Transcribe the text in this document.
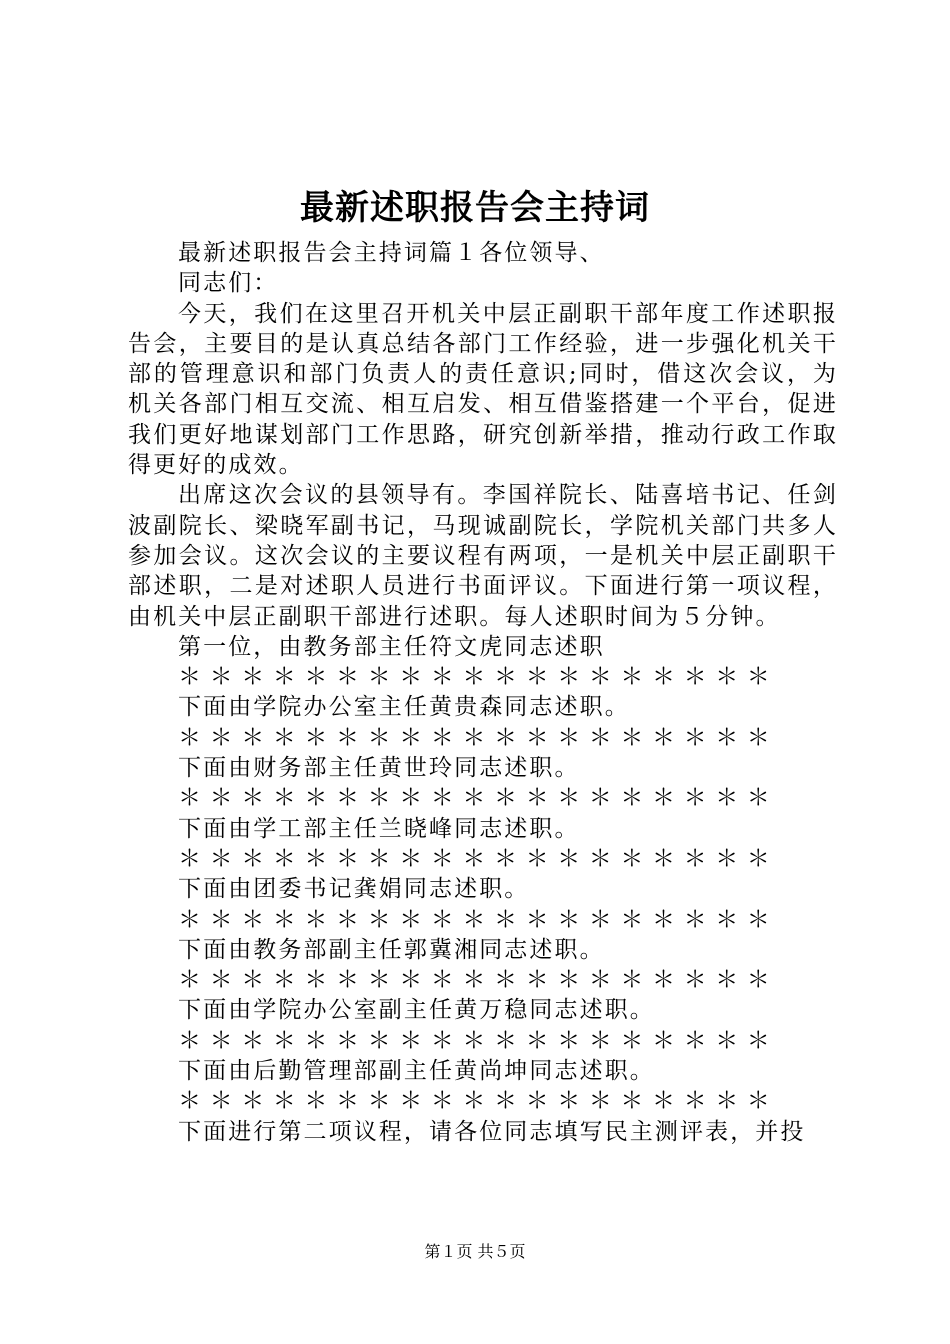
最新述职报告会主持词

最新述职报告会主持词篇１各位领导、

同志们：

今天，我们在这里召开机关中层正副职干部年度工作述职报告会，主要目的是认真总结各部门工作经验，进一步强化机关干部的管理意识和部门负责人的责任意识;同时，借这次会议，为机关各部门相互交流、相互启发、相互借鉴搭建一个平台，促进我们更好地谋划部门工作思路，研究创新举措，推动行政工作取得更好的成效。

出席这次会议的县领导有。李国祥院长、陆喜培书记、任剑波副院长、梁晓军副书记，马现诚副院长，学院机关部门共多人参加会议。这次会议的主要议程有两项，一是机关中层正副职干部述职，二是对述职人员进行书面评议。下面进行第一项议程，由机关中层正副职干部进行述职。每人述职时间为５分钟。

第一位，由教务部主任符文虎同志述职

＊＊＊＊＊＊＊＊＊＊＊＊＊＊＊＊＊＊＊

下面由学院办公室主任黄贵森同志述职。

＊＊＊＊＊＊＊＊＊＊＊＊＊＊＊＊＊＊＊

下面由财务部主任黄世玲同志述职。

＊＊＊＊＊＊＊＊＊＊＊＊＊＊＊＊＊＊＊

下面由学工部主任兰晓峰同志述职。

＊＊＊＊＊＊＊＊＊＊＊＊＊＊＊＊＊＊＊

下面由团委书记龚娟同志述职。

＊＊＊＊＊＊＊＊＊＊＊＊＊＊＊＊＊＊＊

下面由教务部副主任郭冀湘同志述职。

＊＊＊＊＊＊＊＊＊＊＊＊＊＊＊＊＊＊＊

下面由学院办公室副主任黄万稳同志述职。

＊＊＊＊＊＊＊＊＊＊＊＊＊＊＊＊＊＊＊

下面由后勤管理部副主任黄尚坤同志述职。

＊＊＊＊＊＊＊＊＊＊＊＊＊＊＊＊＊＊＊

下面进行第二项议程，请各位同志填写民主测评表，并投

第１页 共５页
